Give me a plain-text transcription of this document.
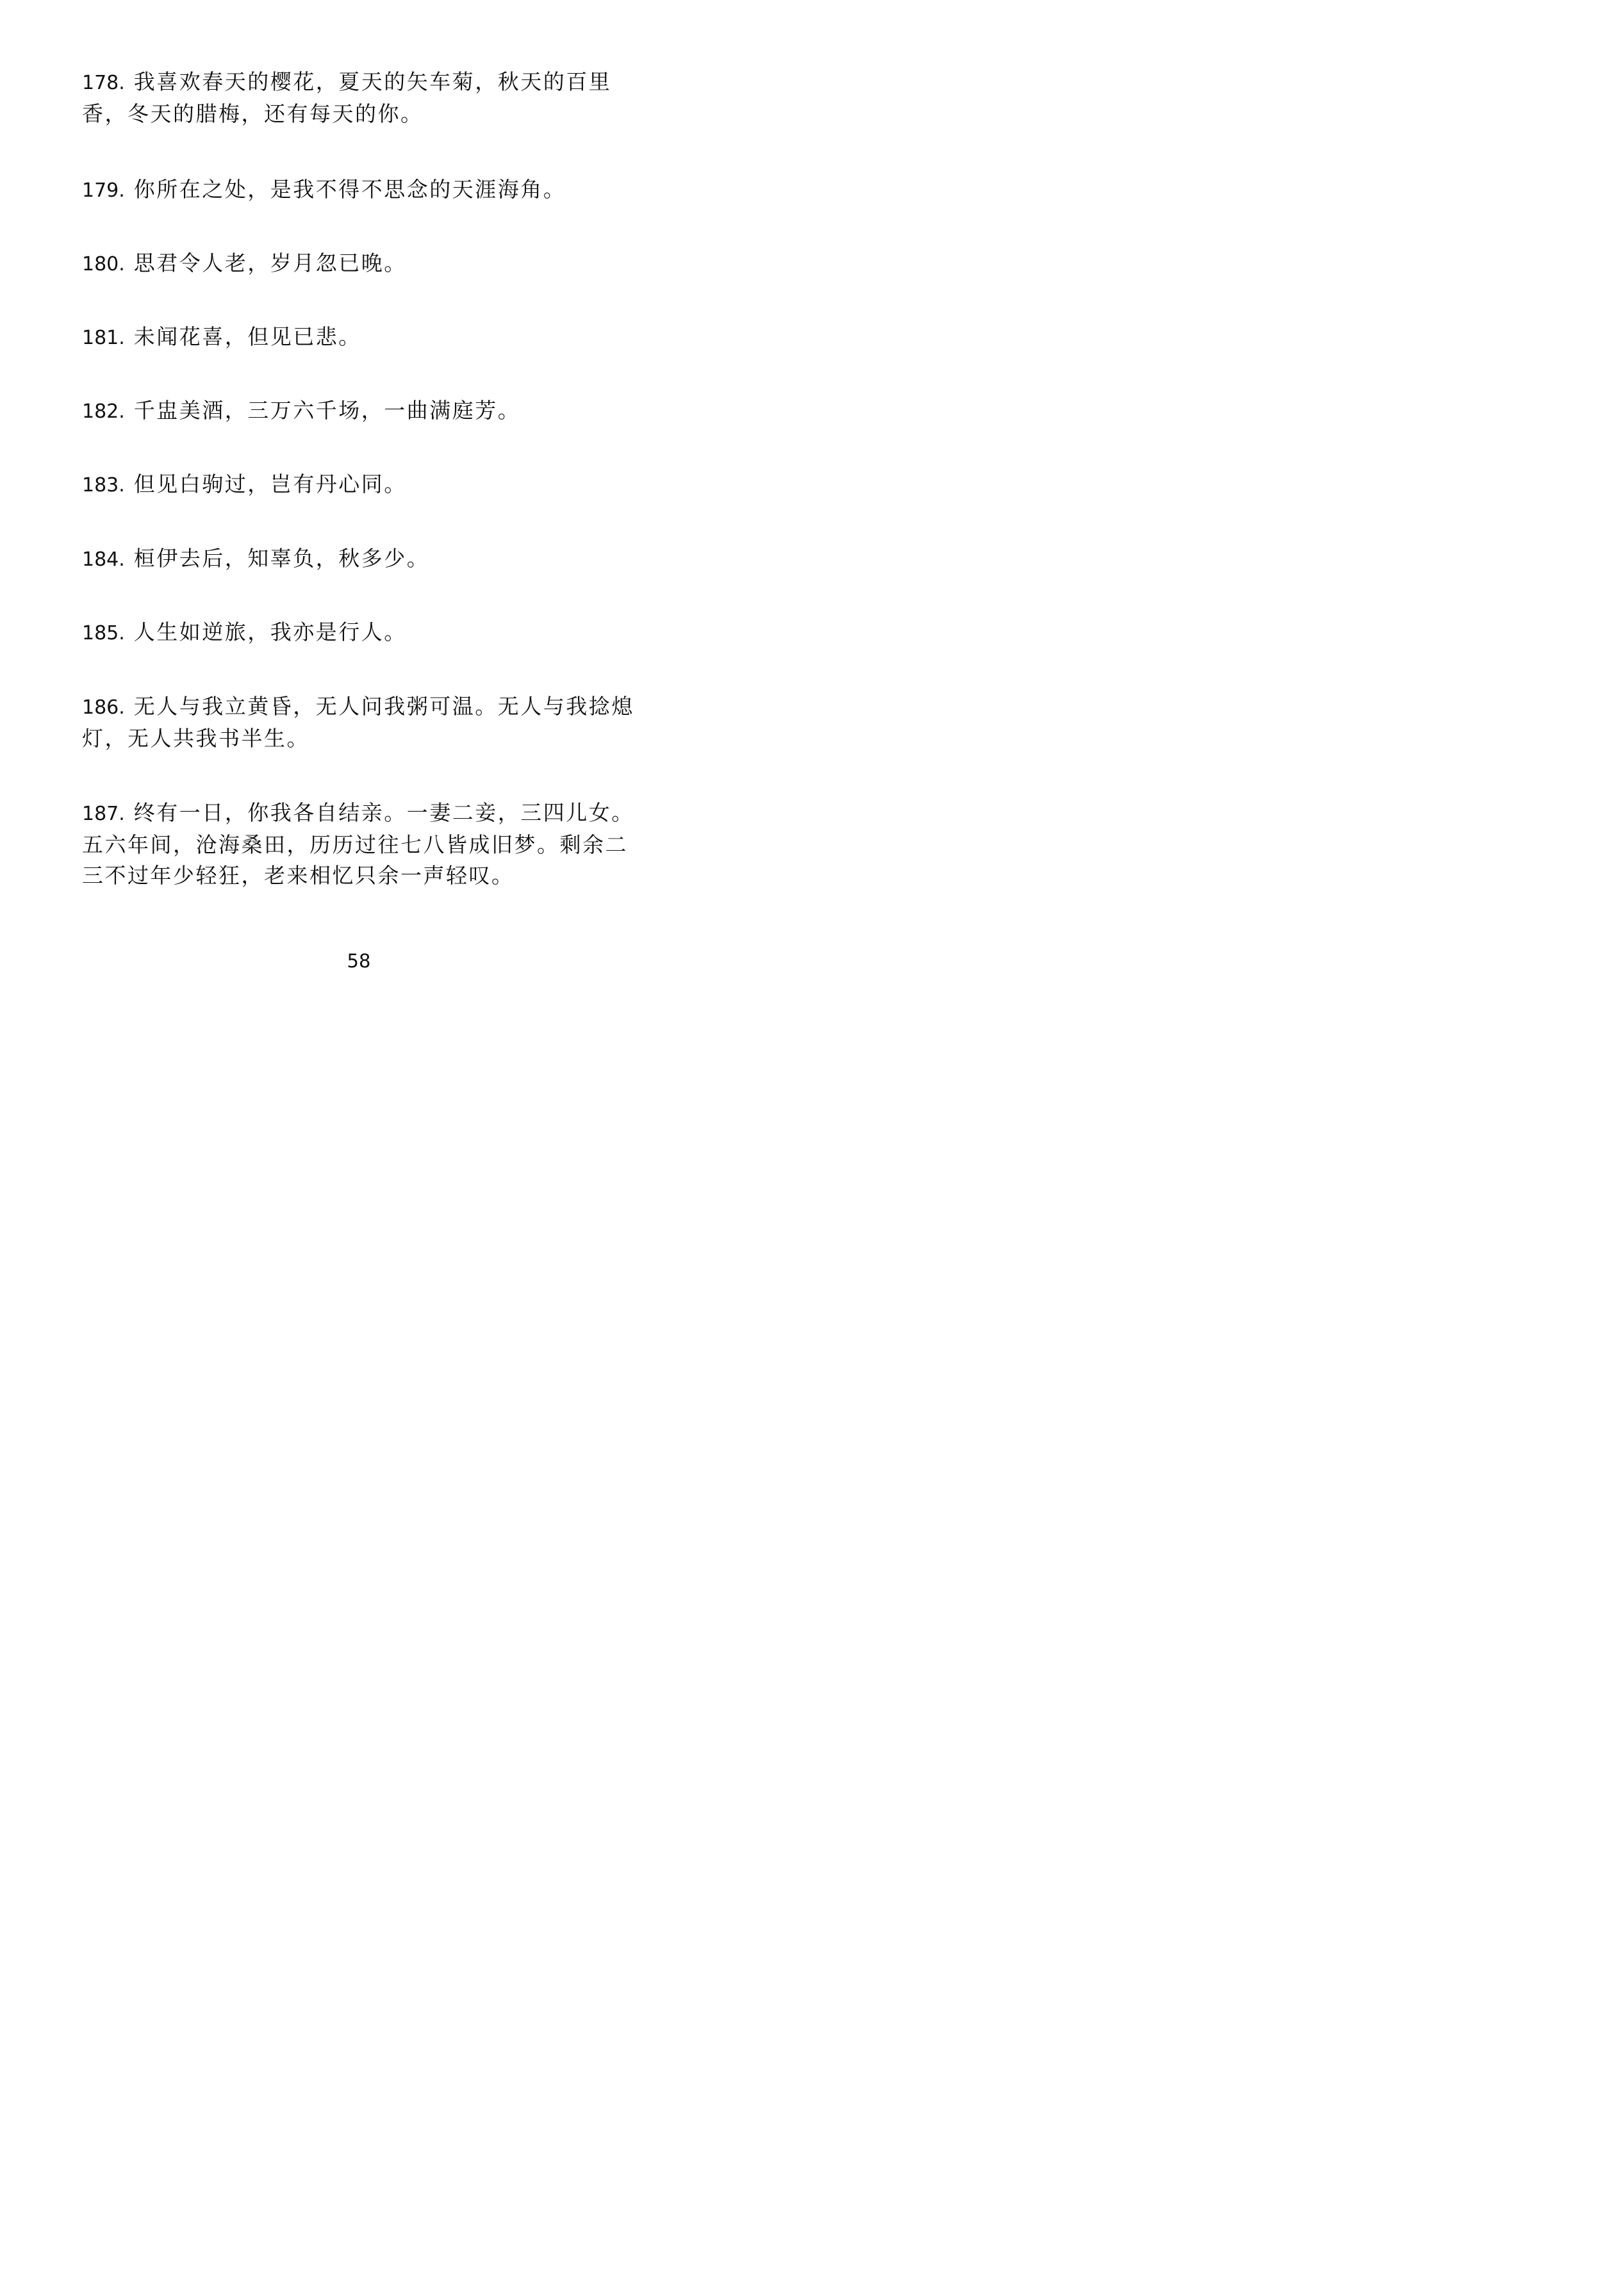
178. 我喜欢春天的樱花，夏天的矢车菊，秋天的百里香，冬天的腊梅，还有每天的你。
179. 你所在之处，是我不得不思念的天涯海角。
180. 思君令人老，岁月忽已晚。
181. 未闻花喜，但见已悲。
182. 千盅美酒，三万六千场，一曲满庭芳。
183. 但见白驹过，岂有丹心同。
184. 桓伊去后，知辜负，秋多少。
185. 人生如逆旅，我亦是行人。
186. 无人与我立黄昏，无人问我粥可温。无人与我捻熄灯，无人共我书半生。
187. 终有一日，你我各自结亲。一妻二妾，三四儿女。五六年间，沧海桑田，历历过往七八皆成旧梦。剩余二三不过年少轻狂，老来相忆只余一声轻叹。
58
